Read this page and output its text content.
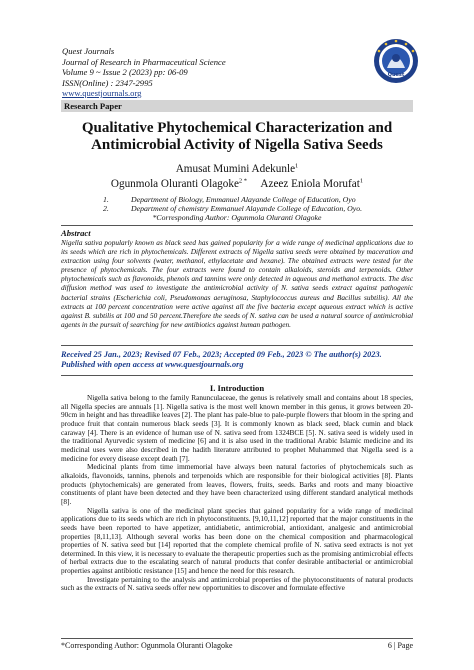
Quest Journals
Journal of Research in Pharmaceutical Science
Volume 9 ~ Issue 2 (2023) pp: 06-09
ISSN(Online) : 2347-2995
www.questjournals.org
Quest
Research Paper
Qualitative Phytochemical Characterization and
Antimicrobial Activity of Nigella Sativa Seeds
Amusat Mumini Adekunle$^1$
Ogunmola Oluranti Olagoke$^{2 *}$ Azeez Eniola Morufat$^1$
1.	Department of Biology, Emmanuel Alayande College of Education, Oyo
2.	Department of chemistry Emmanuel Alayande College of Education, Oyo.
*Corresponding Author: Ogunmola Oluranti Olagoke
Abstract
Nigella sativa popularly known as black seed has gained popularity for a wide range of medicinal applications due to its seeds which are rich in phytochemicals. Different extracts of Nigella sativa seeds were obtained by maceration and extraction using four solvents (water, methanol, ethylacetate and hexane). The obtained extracts were tested for the presence of phytochemicals. The four extracts were found to contain alkaloids, steroids and terpenoids. Other phytochemicals such as flavonoids, phenols and tannins were only detected in aqueous and methanol extracts. The disc diffusion method was used to investigate the antimicrobial activity of N. sativa seeds extract against pathogenic bacterial strains (Escherichia coli, Pseudomonas aeruginosa, Staphylococcus aureus and Bacillus subtilis). All the extracts at 100 percent concentration were active against all the five bacteria except aqueous extract which is active against B. subtilis at 100 and 50 percent.Therefore the seeds of N. sativa can be used a natural source of antimicrobial agents in the pursuit of searching for new antibiotics against human pathogen.
Received 25 Jan., 2023; Revised 07 Feb., 2023; Accepted 09 Feb., 2023 © The author(s) 2023.
Published with open access at www.questjournals.org
I. Introduction

Nigella sativa belong to the family Ranunculaceae, the genus is relatively small and contains about 18 species, all Nigella species are annuals [1]. Nigella sativa is the most well known member in this genus, it grows between 20-90cm in height and has threadlike leaves [2]. The plant has pale-blue to pale-purple flowers that bloom in the spring and produce fruit that contain numerous black seeds [3]. It is commonly known as black seed, black cumin and black caraway [4]. There is an evidence of human use of N. sativa seed from 1324BCE [5]. N. sativa seed is widely used in the traditional Ayurvedic system of medicine [6] and it is also used in the traditional Arabic Islamic medicine and its medicinal uses were also described in the hadith literature attributed to prophet Muhammed that Nigella seed is a medicine for every disease except death [7].

Medicinal plants from time immemorial have always been natural factories of phytochemicals such as alkaloids, flavonoids, tannins, phenols and terpenoids which are responsible for their biological activities [8]. Plants products (phytochemicals) are generated from leaves, flowers, fruits, seeds. Barks and roots and many bioactive constituents of plant have been detected and they have been characterized using different standard analytical methods [8].

Nigella sativa is one of the medicinal plant species that gained popularity for a wide range of medicinal applications due to its seeds which are rich in phytoconstituents. [9,10,11,12] reported that the major constituents in the seeds have been reported to have appetizer, antidiabetic, antimicrobial, antioxidant, analgesic and antimicrobial properties [8,11,13]. Although several works has been done on the chemical composition and pharmacological properties of N. sativa seed but [14] reported that the complete chemical profile of N. sativa seed extracts is not yet determined. In this view, it is necessary to evaluate the therapeutic properties such as the promising antimicrobial effects of herbal extracts due to the escalating search of natural products that confer desirable antibacterial or antimicrobial properties against antibiotic resistance [15] and hence the need for this research.

Investigate pertaining to the analysis and antimicrobial properties of the phytoconstituents of natural products such as the extracts of N. sativa seeds offer new opportunities to discover and formulate effective

*Corresponding Author: Ogunmola Oluranti Olagoke	6 | Page
